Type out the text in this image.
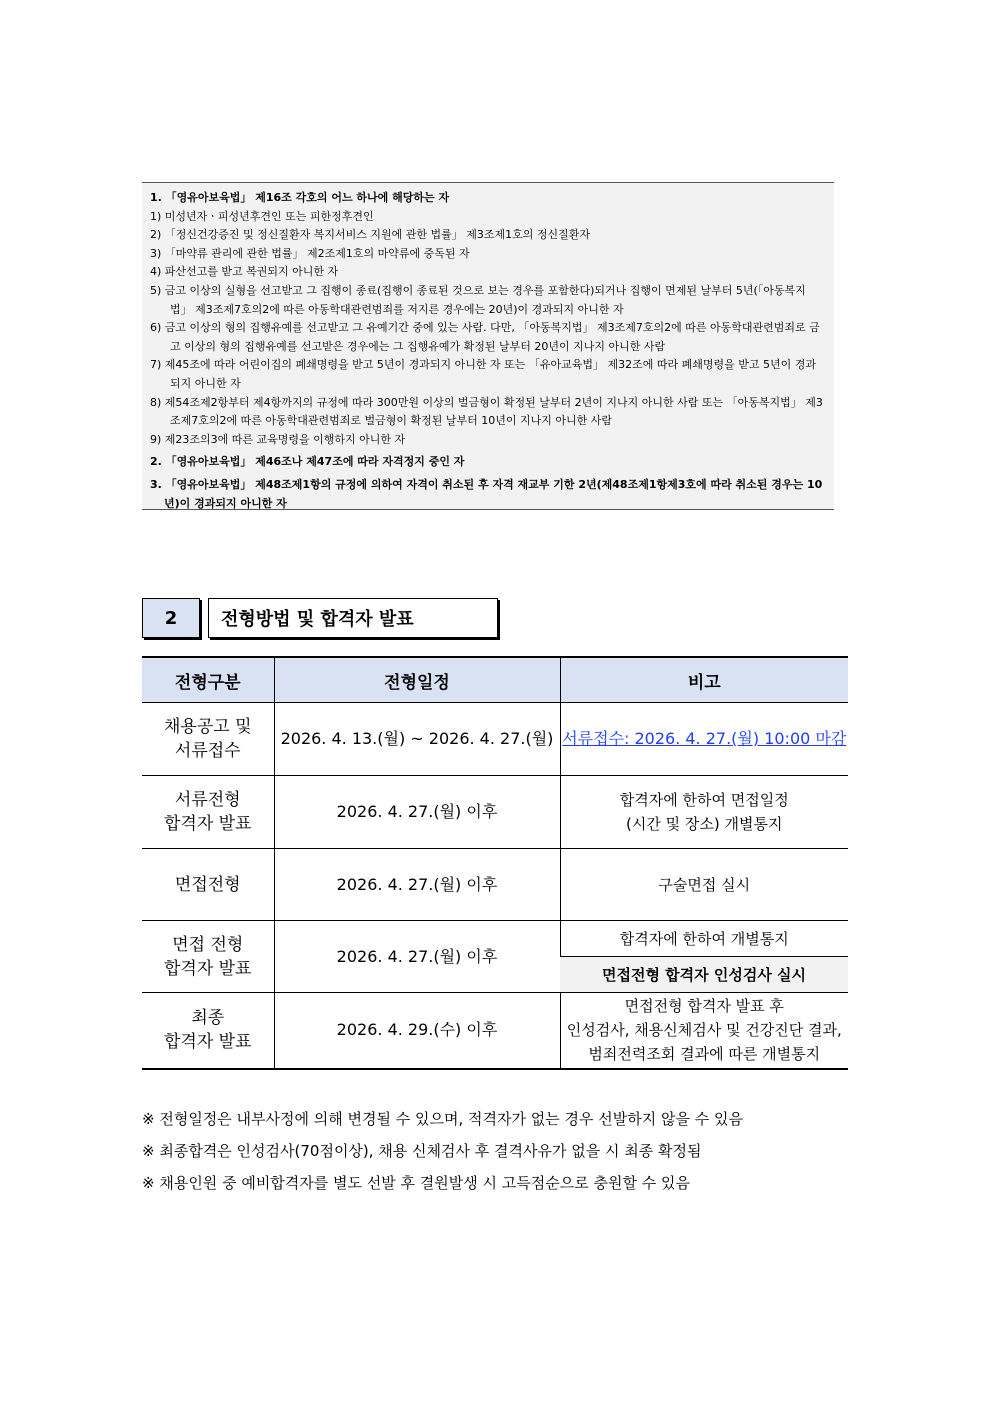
1. 「영유아보육법」 제16조 각호의 어느 하나에 해당하는 자
1) 미성년자ㆍ피성년후견인 또는 피한정후견인
2) 「정신건강증진 및 정신질환자 복지서비스 지원에 관한 법률」 제3조제1호의 정신질환자
3) 「마약류 관리에 관한 법률」 제2조제1호의 마약류에 중독된 자
4) 파산선고를 받고 복권되지 아니한 자
5) 금고 이상의 실형을 선고받고 그 집행이 종료(집행이 종료된 것으로 보는 경우를 포함한다)되거나 집행이 면제된 날부터 5년(「아동복지법」 제3조제7호의2에 따른 아동학대관련범죄를 저지른 경우에는 20년)이 경과되지 아니한 자
6) 금고 이상의 형의 집행유예를 선고받고 그 유예기간 중에 있는 사람. 다만, 「아동복지법」 제3조제7호의2에 따른 아동학대관련범죄로 금고 이상의 형의 집행유예를 선고받은 경우에는 그 집행유예가 확정된 날부터 20년이 지나지 아니한 사람
7) 제45조에 따라 어린이집의 폐쇄명령을 받고 5년이 경과되지 아니한 자 또는 「유아교육법」 제32조에 따라 폐쇄명령을 받고 5년이 경과되지 아니한 자
8) 제54조제2항부터 제4항까지의 규정에 따라 300만원 이상의 벌금형이 확정된 날부터 2년이 지나지 아니한 사람 또는 「아동복지법」 제3조제7호의2에 따른 아동학대관련범죄로 벌금형이 확정된 날부터 10년이 지나지 아니한 사람
9) 제23조의3에 따른 교육명령을 이행하지 아니한 자
2. 「영유아보육법」 제46조나 제47조에 따라 자격정지 중인 자
3. 「영유아보육법」 제48조제1항의 규정에 의하여 자격이 취소된 후 자격 재교부 기한 2년(제48조제1항제3호에 따라 취소된 경우는 10년)이 경과되지 아니한 자
2	전형방법 및 합격자 발표
전형구분	전형일정	비고
채용공고 및
서류접수	2026. 4. 13.(월) ~ 2026. 4. 27.(월)	서류접수: 2026. 4. 27.(월) 10:00 마감
서류전형
합격자 발표	2026. 4. 27.(월) 이후	합격자에 한하여 면접일정
(시간 및 장소) 개별통지
면접전형	2026. 4. 27.(월) 이후	구술면접 실시
면접 전형
합격자 발표	2026. 4. 27.(월) 이후	합격자에 한하여 개별통지
		면접전형 합격자 인성검사 실시
최종
합격자 발표	2026. 4. 29.(수) 이후	면접전형 합격자 발표 후
인성검사, 채용신체검사 및 건강진단 결과,
범죄전력조회 결과에 따른 개별통지
※ 전형일정은 내부사정에 의해 변경될 수 있으며, 적격자가 없는 경우 선발하지 않을 수 있음
※ 최종합격은 인성검사(70점이상), 채용 신체검사 후 결격사유가 없을 시 최종 확정됨
※ 채용인원 중 예비합격자를 별도 선발 후 결원발생 시 고득점순으로 충원할 수 있음
